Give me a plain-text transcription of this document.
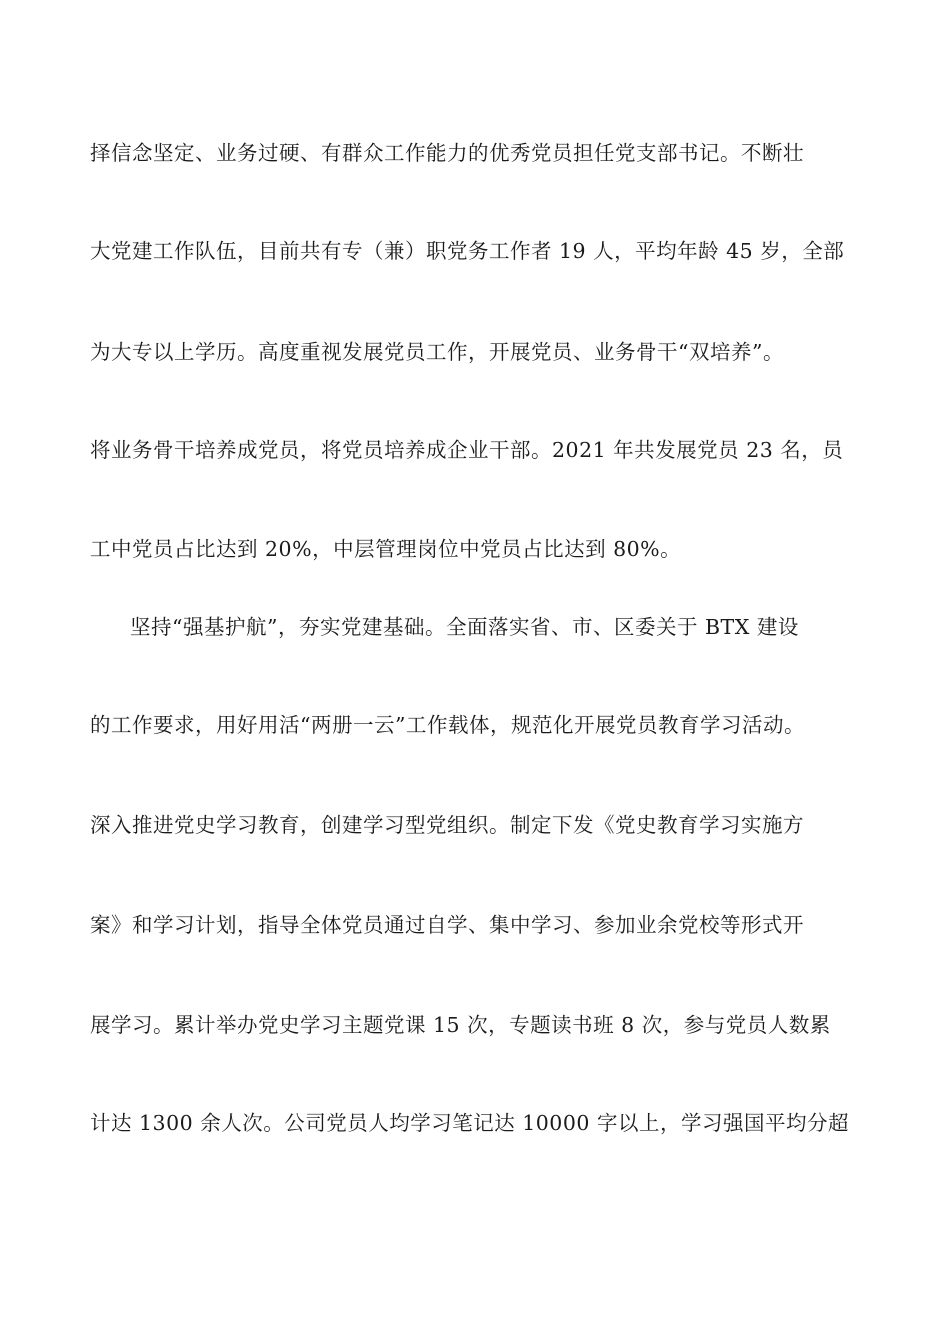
择信念坚定、业务过硬、有群众工作能力的优秀党员担任党支部书记。不断壮
大党建工作队伍，目前共有专（兼）职党务工作者 19 人，平均年龄 45 岁，全部
为大专以上学历。高度重视发展党员工作，开展党员、业务骨干“双培养”。
将业务骨干培养成党员，将党员培养成企业干部。2021 年共发展党员 23 名，员
工中党员占比达到 20%，中层管理岗位中党员占比达到 80%。
坚持“强基护航”，夯实党建基础。全面落实省、市、区委关于 BTX 建设
的工作要求，用好用活“两册一云”工作载体，规范化开展党员教育学习活动。
深入推进党史学习教育，创建学习型党组织。制定下发《党史教育学习实施方
案》和学习计划，指导全体党员通过自学、集中学习、参加业余党校等形式开
展学习。累计举办党史学习主题党课 15 次，专题读书班 8 次，参与党员人数累
计达 1300 余人次。公司党员人均学习笔记达 10000 字以上，学习强国平均分超
